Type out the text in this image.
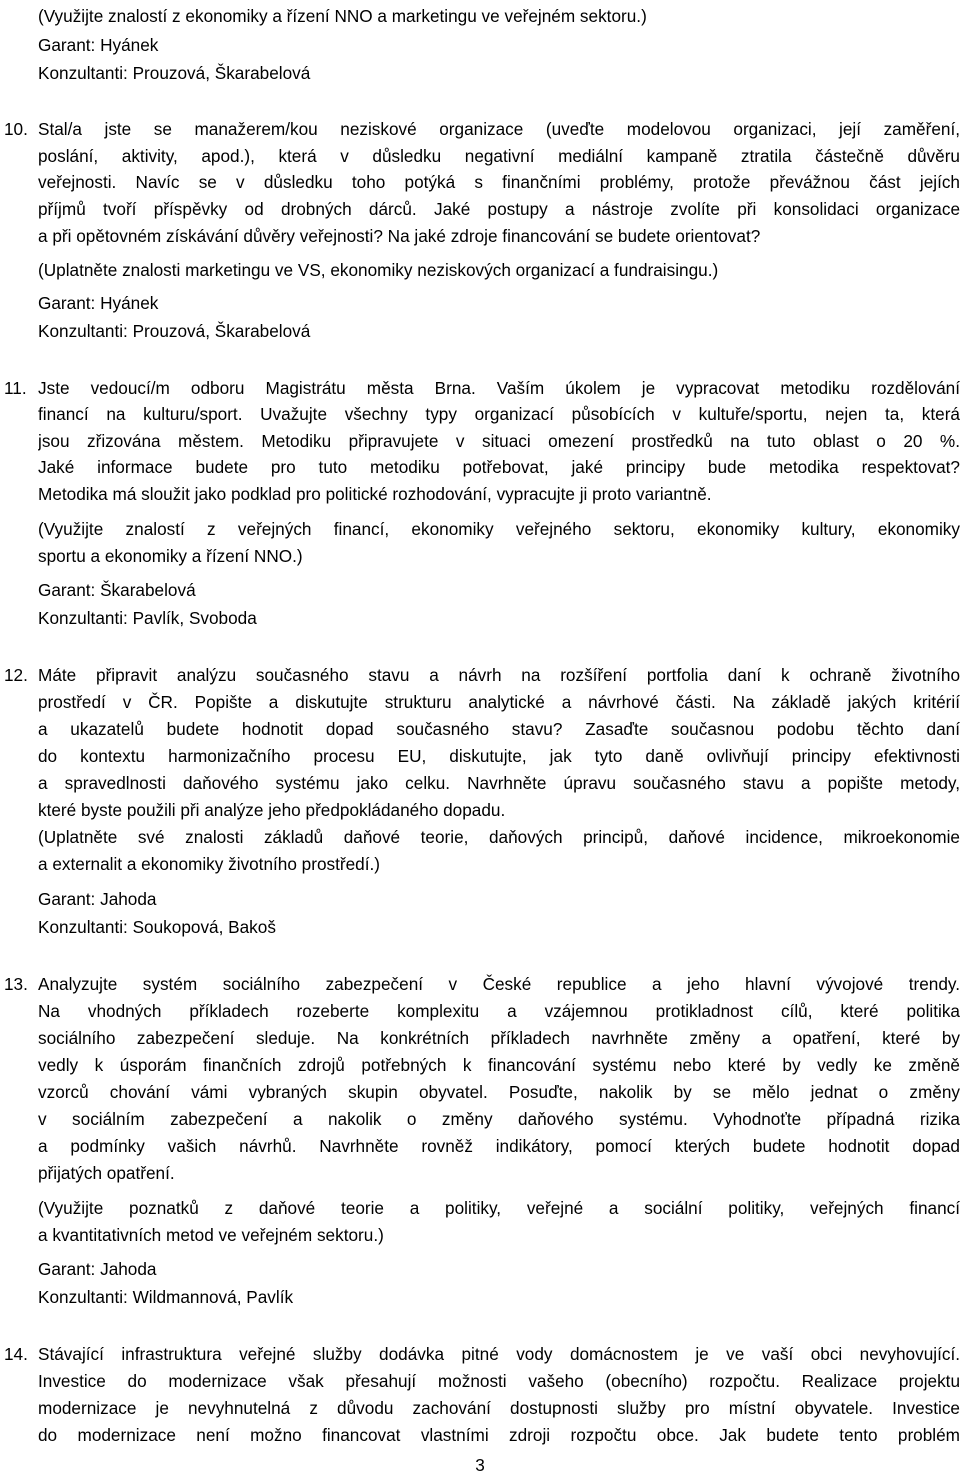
(Využijte znalostí z ekonomiky a řízení NNO a marketingu ve veřejném sektoru.)
Garant: Hyánek
Konzultanti: Prouzová, Škarabelová
10. Stal/a jste se manažerem/kou neziskové organizace (uveďte modelovou organizaci, její zaměření,
poslání, aktivity, apod.), která v důsledku negativní mediální kampaně ztratila částečně důvěru
veřejnosti. Navíc se v důsledku toho potýká s finančními problémy, protože převážnou část jejích
příjmů tvoří příspěvky od drobných dárců. Jaké postupy a nástroje zvolíte při konsolidaci organizace
a při opětovném získávání důvěry veřejnosti? Na jaké zdroje financování se budete orientovat?
(Uplatněte znalosti marketingu ve VS, ekonomiky neziskových organizací a fundraisingu.)
Garant: Hyánek
Konzultanti: Prouzová, Škarabelová
11. Jste vedoucí/m odboru Magistrátu města Brna. Vaším úkolem je vypracovat metodiku rozdělování
financí na kulturu/sport. Uvažujte všechny typy organizací působících v kultuře/sportu, nejen ta, která
jsou zřizována městem. Metodiku připravujete v situaci omezení prostředků na tuto oblast o 20 %.
Jaké informace budete pro tuto metodiku potřebovat, jaké principy bude metodika respektovat?
Metodika má sloužit jako podklad pro politické rozhodování, vypracujte ji proto variantně.
(Využijte znalostí z veřejných financí, ekonomiky veřejného sektoru, ekonomiky kultury, ekonomiky
sportu a ekonomiky a řízení NNO.)
Garant: Škarabelová
Konzultanti: Pavlík, Svoboda
12. Máte připravit analýzu současného stavu a návrh na rozšíření portfolia daní k ochraně životního
prostředí v ČR. Popište a diskutujte strukturu analytické a návrhové části. Na základě jakých kritérií
a ukazatelů budete hodnotit dopad současného stavu? Zasaďte současnou podobu těchto daní
do kontextu harmonizačního procesu EU, diskutujte, jak tyto daně ovlivňují principy efektivnosti
a spravedlnosti daňového systému jako celku. Navrhněte úpravu současného stavu a popište metody,
které byste použili při analýze jeho předpokládaného dopadu.
(Uplatněte své znalosti základů daňové teorie, daňových principů, daňové incidence, mikroekonomie
a externalit a ekonomiky životního prostředí.)
Garant: Jahoda
Konzultanti: Soukopová, Bakoš
13. Analyzujte systém sociálního zabezpečení v České republice a jeho hlavní vývojové trendy.
Na vhodných příkladech rozeberte komplexitu a vzájemnou protikladnost cílů, které politika
sociálního zabezpečení sleduje. Na konkrétních příkladech navrhněte změny a opatření, které by
vedly k úsporám finančních zdrojů potřebných k financování systému nebo které by vedly ke změně
vzorců chování vámi vybraných skupin obyvatel. Posuďte, nakolik by se mělo jednat o změny
v sociálním zabezpečení a nakolik o změny daňového systému. Vyhodnoťte případná rizika
a podmínky vašich návrhů. Navrhněte rovněž indikátory, pomocí kterých budete hodnotit dopad
přijatých opatření.
(Využijte poznatků z daňové teorie a politiky, veřejné a sociální politiky, veřejných financí
a kvantitativních metod ve veřejném sektoru.)
Garant: Jahoda
Konzultanti: Wildmannová, Pavlík
14. Stávající infrastruktura veřejné služby dodávka pitné vody domácnostem je ve vaší obci nevyhovující.
Investice do modernizace však přesahují možnosti vašeho (obecního) rozpočtu. Realizace projektu
modernizace je nevyhnutelná z důvodu zachování dostupnosti služby pro místní obyvatele. Investice
do modernizace není možno financovat vlastními zdroji rozpočtu obce. Jak budete tento problém
3
